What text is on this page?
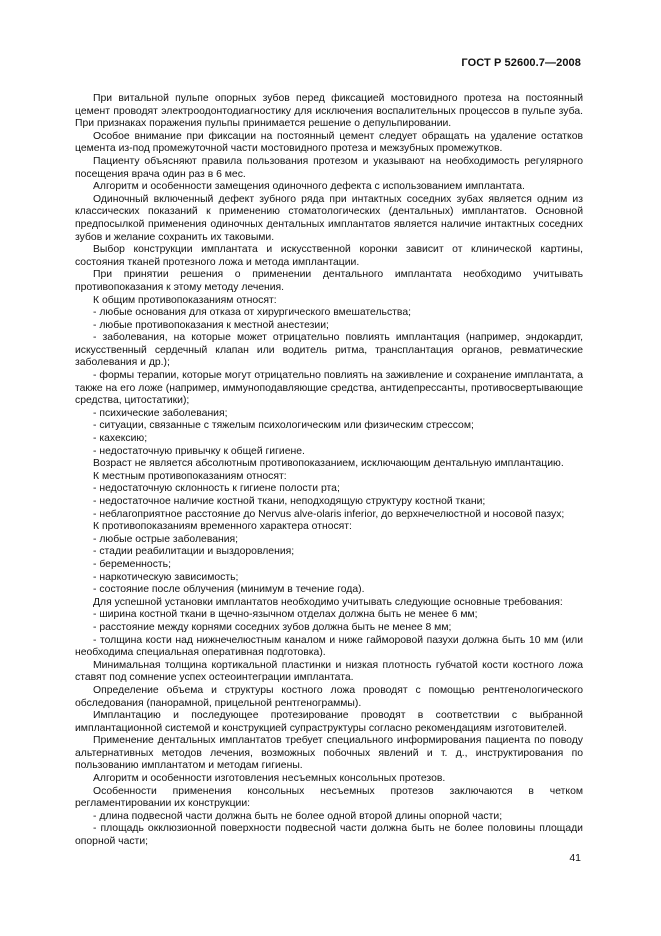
ГОСТ Р 52600.7—2008

При витальной пульпе опорных зубов перед фиксацией мостовидного протеза на постоянный цемент проводят электроодонтодиагностику для исключения воспалительных процессов в пульпе зуба. При признаках поражения пульпы принимается решение о депульпировании.

Особое внимание при фиксации на постоянный цемент следует обращать на удаление остатков цемента из-под промежуточной части мостовидного протеза и межзубных промежутков.

Пациенту объясняют правила пользования протезом и указывают на необходимость регулярного посещения врача один раз в 6 мес.

Алгоритм и особенности замещения одиночного дефекта с использованием имплантата.

Одиночный включенный дефект зубного ряда при интактных соседних зубах является одним из классических показаний к применению стоматологических (дентальных) имплантатов. Основной предпосылкой применения одиночных дентальных имплантатов является наличие интактных соседних зубов и желание сохранить их таковыми.

Выбор конструкции имплантата и искусственной коронки зависит от клинической картины, состояния тканей протезного ложа и метода имплантации.

При принятии решения о применении дентального имплантата необходимо учитывать противопоказания к этому методу лечения.

К общим противопоказаниям относят:

- любые основания для отказа от хирургического вмешательства;

- любые противопоказания к местной анестезии;

- заболевания, на которые может отрицательно повлиять имплантация (например, эндокардит, искусственный сердечный клапан или водитель ритма, трансплантация органов, ревматические заболевания и др.);

- формы терапии, которые могут отрицательно повлиять на заживление и сохранение имплантата, а также на его ложе (например, иммуноподавляющие средства, антидепрессанты, противосвертывающие средства, цитостатики);

- психические заболевания;

- ситуации, связанные с тяжелым психологическим или физическим стрессом;

- кахексию;

- недостаточную привычку к общей гигиене.

Возраст не является абсолютным противопоказанием, исключающим дентальную имплантацию.

К местным противопоказаниям относят:

- недостаточную склонность к гигиене полости рта;

- недостаточное наличие костной ткани, неподходящую структуру костной ткани;

- неблагоприятное расстояние до Nervus alve-olaris inferior, до верхнечелюстной и носовой пазух;

К противопоказаниям временного характера относят:

- любые острые заболевания;

- стадии реабилитации и выздоровления;

- беременность;

- наркотическую зависимость;

- состояние после облучения (минимум в течение года).

Для успешной установки имплантатов необходимо учитывать следующие основные требования:

- ширина костной ткани в щечно-язычном отделах должна быть не менее 6 мм;

- расстояние между корнями соседних зубов должна быть не менее 8 мм;

- толщина кости над нижнечелюстным каналом и ниже гаймoровой пазухи должна быть 10 мм (или необходима специальная оперативная подготовка).

Минимальная толщина кортикальной пластинки и низкая плотность губчатой кости костного ложа ставят под сомнение успех остеоинтеграции имплантата.

Определение объема и структуры костного ложа проводят с помощью рентгенологического обследования (панорамной, прицельной рентгенограммы).

Имплантацию и последующее протезирование проводят в соответствии с выбранной имплантационной системой и конструкцией супраструктуры согласно рекомендациям изготовителей.

Применение дентальных имплантатов требует специального информирования пациента по поводу альтернативных методов лечения, возможных побочных явлений и т. д., инструктирования по пользованию имплантатом и методам гигиены.

Алгоритм и особенности изготовления несъемных консольных протезов.

Особенности применения консольных несъемных протезов заключаются в четком регламентировании их конструкции:

- длина подвесной части должна быть не более одной второй длины опорной части;

- площадь окклюзионной поверхности подвесной части должна быть не более половины площади опорной части;

41
